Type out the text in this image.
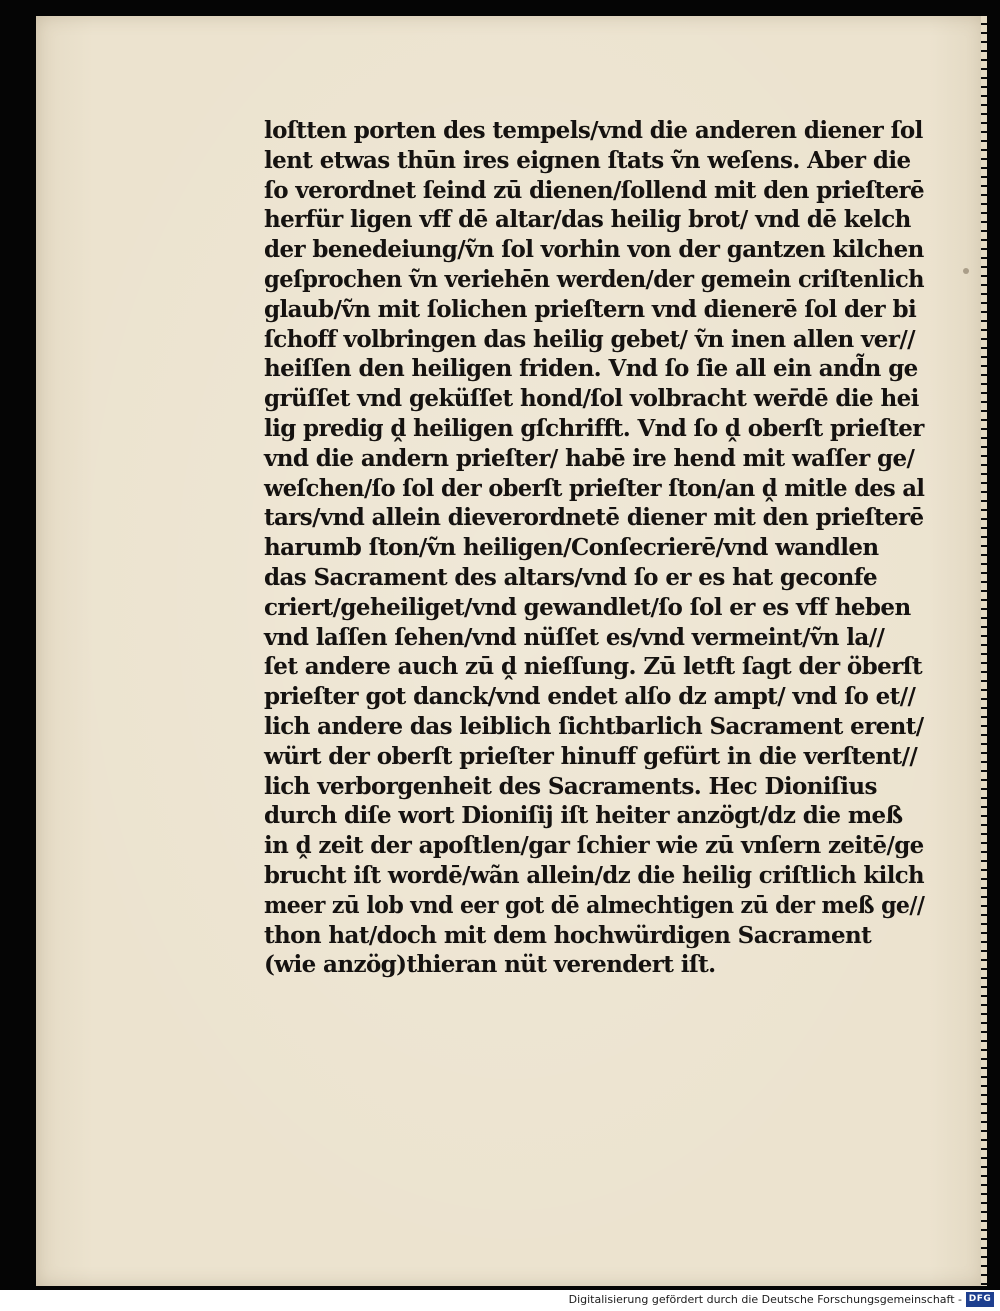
loſtten porten des tempels/vnd die anderen diener ſol
lent etwas thūn ires eignen ſtats ṽn weſens. Aber die
ſo verordnet ſeind zū dienen/ſollend mit den prieſterē
herfür ligen vff dē altar/das heilig brot/ vnd dē kelch
der benedeiung/ṽn ſol vorhin von der gantzen kilchen
geſprochen ṽn veriehēn werden/der gemein criſtenlich
glaub/ṽn mit ſolichen prieſtern vnd dienerē ſol der bi
ſchoff volbringen das heilig gebet/ ṽn inen allen ver//
heiſſen den heiligen friden. Vnd ſo ſie all ein and̃n ge
grüſſet vnd geküſſet hond/ſol volbracht wer̄dē die hei
lig predig ḓ heiligen gſchrifft. Vnd ſo ḓ oberſt prieſter
vnd die andern prieſter/ habē ire hend mit waſſer ge/
weſchen/ſo ſol der oberſt prieſter ſton/an ḓ mitle des al
tars/vnd allein dieverordnetē diener mit den prieſterē
harumb ſton/ṽn heiligen/Conſecrierē/vnd wandlen
das Sacrament des altars/vnd ſo er es hat geconfe
criert/geheiliget/vnd gewandlet/ſo ſol er es vff heben
vnd laſſen ſehen/vnd nüſſet es/vnd vermeint/ṽn la//
ſet andere auch zū ḓ nieſſung. Zū letft ſagt der öberſt
prieſter got danck/vnd endet alſo dz ampt/ vnd ſo et//
lich andere das leiblich ſichtbarlich Sacrament erent/
würt der oberſt prieſter hinuff gefürt in die verſtent//
lich verborgenheit des Sacraments. Hec Dioniſius
durch diſe wort Dioniſij iſt heiter anzögt/dz die meß
in ḓ zeit der apoſtlen/gar ſchier wie zū vnſern zeitē/ge
brucht iſt wordē/wãn allein/dz die heilig criſtlich kilch
meer zū lob vnd eer got dē almechtigen zū der meß ge//
thon hat/doch mit dem hochwürdigen Sacrament
(wie anzög)thieran nüt verendert iſt.
Digitalisierung gefördert durch die Deutsche Forschungsgemeinschaft - DFG
